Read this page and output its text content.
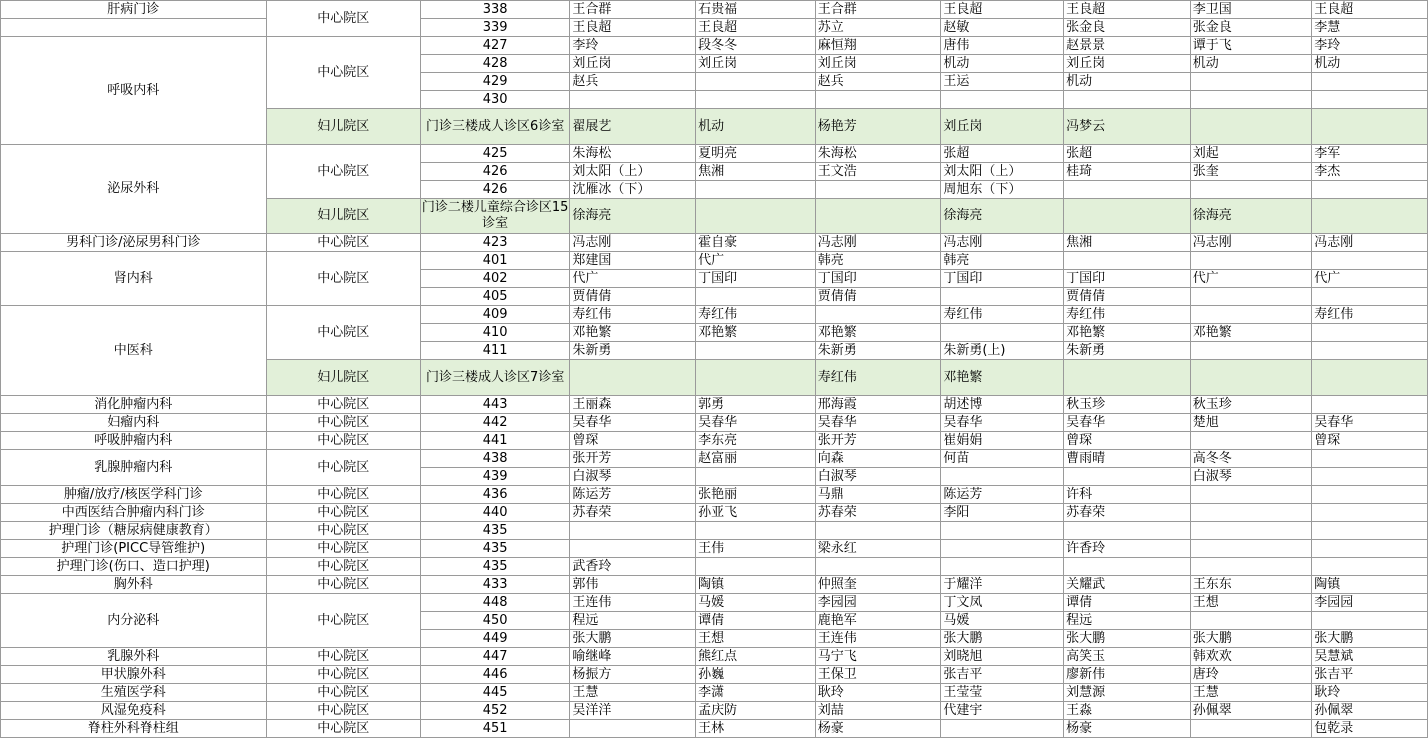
肝病门诊	中心院区	338	王合群	石贵福	王合群	王良超	王良超	李卫国	王良超
		339	王良超	王良超	苏立	赵敏	张金良	张金良	李慧
呼吸内科	中心院区	427	李玲	段冬冬	麻恒翔	唐伟	赵景景	谭于飞	李玲
		428	刘丘岗	刘丘岗	刘丘岗	机动	刘丘岗	机动	机动
		429	赵兵		赵兵	王运	机动		
		430							
	妇儿院区	门诊三楼成人诊区6诊室	翟展艺	机动	杨艳芳	刘丘岗	冯梦云		
泌尿外科	中心院区	425	朱海松	夏明亮	朱海松	张超	张超	刘起	李军
		426	刘太阳（上）	焦湘	王文浩	刘太阳（上）	桂琦	张奎	李杰
		426	沈雁冰（下）			周旭东（下）			
	妇儿院区	门诊二楼儿童综合诊区15诊室	徐海亮			徐海亮		徐海亮	
男科门诊/泌尿男科门诊	中心院区	423	冯志刚	霍自豪	冯志刚	冯志刚	焦湘	冯志刚	冯志刚
肾内科	中心院区	401	郑建国	代广	韩亮	韩亮			
		402	代广	丁国印	丁国印	丁国印	丁国印	代广	代广
		405	贾倩倩		贾倩倩		贾倩倩		
中医科	中心院区	409	寿红伟	寿红伟		寿红伟	寿红伟		寿红伟
		410	邓艳繁	邓艳繁	邓艳繁		邓艳繁	邓艳繁	
		411	朱新勇		朱新勇	朱新勇(上)	朱新勇		
	妇儿院区	门诊三楼成人诊区7诊室			寿红伟	邓艳繁			
消化肿瘤内科	中心院区	443	王丽森	郭勇	邢海霞	胡述博	秋玉珍	秋玉珍	
妇瘤内科	中心院区	442	吴春华	吴春华	吴春华	吴春华	吴春华	楚旭	吴春华
呼吸肿瘤内科	中心院区	441	曾琛	李东亮	张开芳	崔娟娟	曾琛		曾琛
乳腺肿瘤内科	中心院区	438	张开芳	赵富丽	向森	何苗	曹雨晴	高冬冬	
		439	白淑琴		白淑琴			白淑琴	
肿瘤/放疗/核医学科门诊	中心院区	436	陈运芳	张艳丽	马鼎	陈运芳	许科		
中西医结合肿瘤内科门诊	中心院区	440	苏春荣	孙亚飞	苏春荣	李阳	苏春荣		
护理门诊（糖尿病健康教育）	中心院区	435							
护理门诊(PICC导管维护)	中心院区	435		王伟	梁永红		许香玲		
护理门诊(伤口、造口护理)	中心院区	435	武香玲						
胸外科	中心院区	433	郭伟	陶镇	仲照奎	于耀洋	关耀武	王东东	陶镇
内分泌科	中心院区	448	王连伟	马媛	李园园	丁文凤	谭倩	王想	李园园
		450	程远	谭倩	鹿艳军	马媛	程远		
		449	张大鹏	王想	王连伟	张大鹏	张大鹏	张大鹏	张大鹏
乳腺外科	中心院区	447	喻继峰	熊红点	马宁飞	刘晓旭	高笑玉	韩欢欢	吴慧斌
甲状腺外科	中心院区	446	杨振方	孙巍	王保卫	张吉平	廖新伟	唐玲	张吉平
生殖医学科	中心院区	445	王慧	李潇	耿玲	王莹莹	刘慧源	王慧	耿玲
风湿免疫科	中心院区	452	吴洋洋	孟庆防	刘喆	代建宇	王淼	孙佩翠	孙佩翠
脊柱外科脊柱组	中心院区	451		王林	杨豪		杨豪		包乾录
